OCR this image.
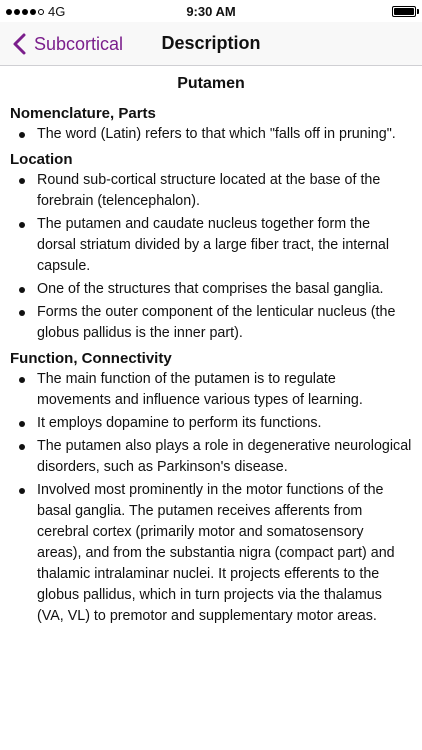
4G	9:30 AM
Subcortical	Description
Putamen
Nomenclature, Parts
The word (Latin) refers to that which "falls off in pruning".
Location
Round sub-cortical structure located at the base of the forebrain (telencephalon).
The putamen and caudate nucleus together form the dorsal striatum divided by a large fiber tract, the internal capsule.
One of the structures that comprises the basal ganglia.
Forms the outer component of the lenticular nucleus (the globus pallidus is the inner part).
Function, Connectivity
The main function of the putamen is to regulate movements and influence various types of learning.
It employs dopamine to perform its functions.
The putamen also plays a role in degenerative neurological disorders, such as Parkinson's disease.
Involved most prominently in the motor functions of the basal ganglia. The putamen receives afferents from cerebral cortex (primarily motor and somatosensory areas), and from the substantia nigra (compact part) and thalamic intralaminar nuclei. It projects efferents to the globus pallidus, which in turn projects via the thalamus (VA, VL) to premotor and supplementary motor areas.
